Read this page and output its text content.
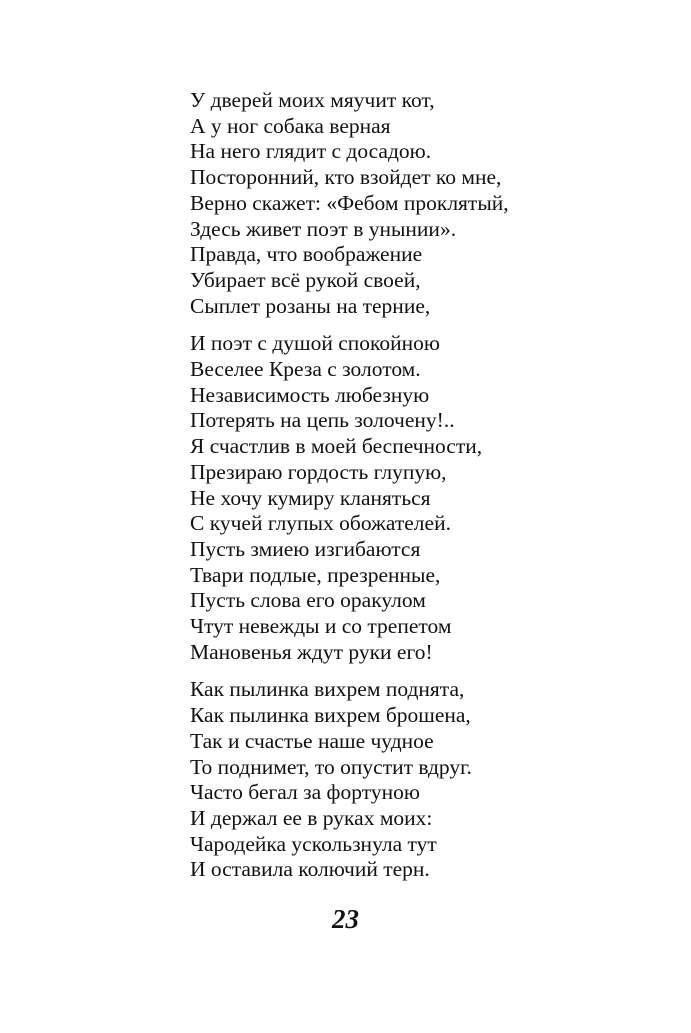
У дверей моих мяучит кот,
А у ног собака верная
На него глядит с досадою.
Посторонний, кто взойдет ко мне,
Верно скажет: «Фебом проклятый,
Здесь живет поэт в унынии».
Правда, что воображение
Убирает всё рукой своей,
Сыплет розаны на терние,
И поэт с душой спокойною
Веселее Креза с золотом.
Независимость любезную
Потерять на цепь золочену!..
Я счастлив в моей беспечности,
Презираю гордость глупую,
Не хочу кумиру кланяться
С кучей глупых обожателей.
Пусть змиею изгибаются
Твари подлые, презренные,
Пусть слова его оракулом
Чтут невежды и со трепетом
Мановенья ждут руки его!
Как пылинка вихрем поднята,
Как пылинка вихрем брошена,
Так и счастье наше чудное
То поднимет, то опустит вдруг.
Часто бегал за фортуною
И держал ее в руках моих:
Чародейка ускользнула тут
И оставила колючий терн.
23
